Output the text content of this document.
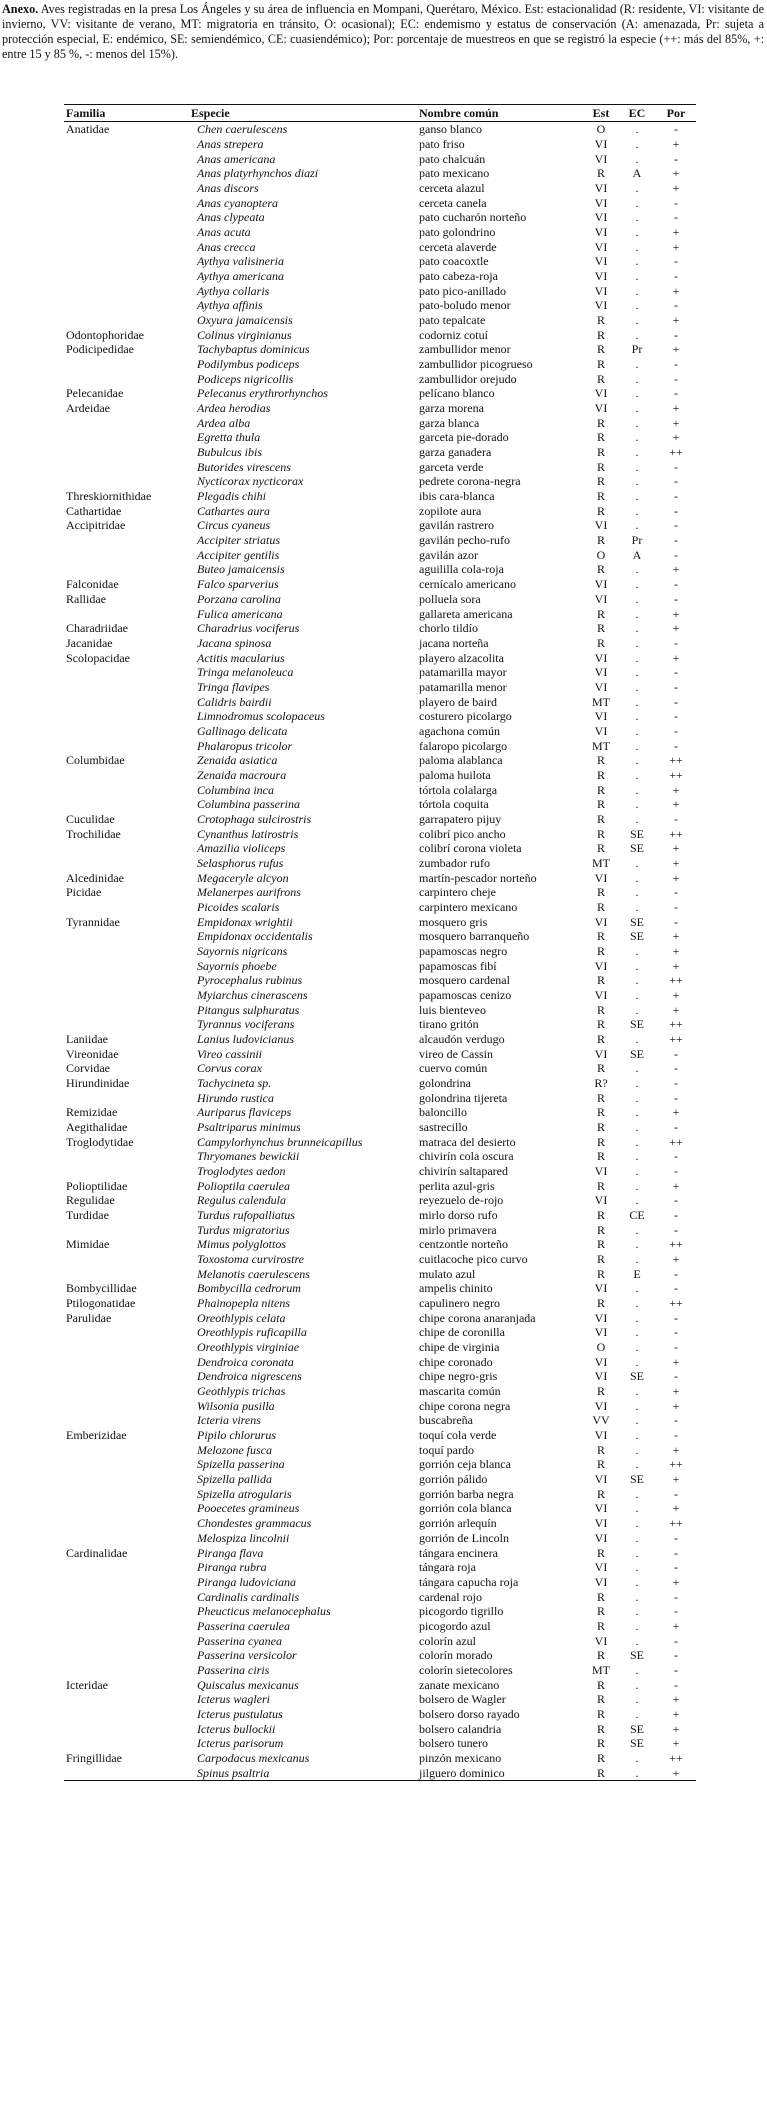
Anexo. Aves registradas en la presa Los Ángeles y su área de influencia en Mompani, Querétaro, México. Est: estacionalidad (R: residente, VI: visitante de invierno, VV: visitante de verano, MT: migratoria en tránsito, O: ocasional); EC: endemismo y estatus de conservación (A: amenazada, Pr: sujeta a protección especial, E: endémico, SE: semiendémico, CE: cuasiendémico); Por: porcentaje de muestreos en que se registró la especie (++: más del 85%, +: entre 15 y 85 %, -: menos del 15%).
Familia	Especie	Nombre común	Est	EC	Por
Anatidae	Chen caerulescens	ganso blanco	O	.	-
	Anas strepera	pato friso	VI	.	+
	Anas americana	pato chalcuán	VI	.	-
	Anas platyrhynchos diazi	pato mexicano	R	A	+
	Anas discors	cerceta alazul	VI	.	+
	Anas cyanoptera	cerceta canela	VI	.	-
	Anas clypeata	pato cucharón norteño	VI	.	-
	Anas acuta	pato golondrino	VI	.	+
	Anas crecca	cerceta alaverde	VI	.	+
	Aythya valisineria	pato coacoxtle	VI	.	-
	Aythya americana	pato cabeza-roja	VI	.	-
	Aythya collaris	pato pico-anillado	VI	.	+
	Aythya affinis	pato-boludo menor	VI	.	-
	Oxyura jamaicensis	pato tepalcate	R	.	+
Odontophoridae	Colinus virginianus	codorniz cotuí	R	.	-
Podicipedidae	Tachybaptus dominicus	zambullidor menor	R	Pr	+
	Podilymbus podiceps	zambullidor picogrueso	R	.	-
	Podiceps nigricollis	zambullidor orejudo	R	.	-
Pelecanidae	Pelecanus erythrorhynchos	pelícano blanco	VI	.	-
Ardeidae	Ardea herodias	garza morena	VI	.	+
	Ardea alba	garza blanca	R	.	+
	Egretta thula	garceta pie-dorado	R	.	+
	Bubulcus ibis	garza ganadera	R	.	++
	Butorides virescens	garceta verde	R	.	-
	Nycticorax nycticorax	pedrete corona-negra	R	.	-
Threskiornithidae	Plegadis chihi	ibis cara-blanca	R	.	-
Cathartidae	Cathartes aura	zopilote aura	R	.	-
Accipitridae	Circus cyaneus	gavilán rastrero	VI	.	-
	Accipiter striatus	gavilán pecho-rufo	R	Pr	-
	Accipiter gentilis	gavilán azor	O	A	-
	Buteo jamaicensis	aguililla cola-roja	R	.	+
Falconidae	Falco sparverius	cernícalo americano	VI	.	-
Rallidae	Porzana carolina	polluela sora	VI	.	-
	Fulica americana	gallareta americana	R	.	+
Charadriidae	Charadrius vociferus	chorlo tildío	R	.	+
Jacanidae	Jacana spinosa	jacana norteña	R	.	-
Scolopacidae	Actitis macularius	playero alzacolita	VI	.	+
	Tringa melanoleuca	patamarilla mayor	VI	.	-
	Tringa flavipes	patamarilla menor	VI	.	-
	Calidris bairdii	playero de baird	MT	.	-
	Limnodromus scolopaceus	costurero picolargo	VI	.	-
	Gallinago delicata	agachona común	VI	.	-
	Phalaropus tricolor	falaropo picolargo	MT	.	-
Columbidae	Zenaida asiatica	paloma alablanca	R	.	++
	Zenaida macroura	paloma huilota	R	.	++
	Columbina inca	tórtola colalarga	R	.	+
	Columbina passerina	tórtola coquita	R	.	+
Cuculidae	Crotophaga sulcirostris	garrapatero pijuy	R	.	-
Trochilidae	Cynanthus latirostris	colibrí pico ancho	R	SE	++
	Amazilia violiceps	colibrí corona violeta	R	SE	+
	Selasphorus rufus	zumbador rufo	MT	.	+
Alcedinidae	Megaceryle alcyon	martín-pescador norteño	VI	.	+
Picidae	Melanerpes aurifrons	carpintero cheje	R	.	-
	Picoides scalaris	carpintero mexicano	R	.	-
Tyrannidae	Empidonax wrightii	mosquero gris	VI	SE	-
	Empidonax occidentalis	mosquero barranqueño	R	SE	+
	Sayornis nigricans	papamoscas negro	R	.	+
	Sayornis phoebe	papamoscas fibí	VI	.	+
	Pyrocephalus rubinus	mosquero cardenal	R	.	++
	Myiarchus cinerascens	papamoscas cenizo	VI	.	+
	Pitangus sulphuratus	luis bienteveo	R	.	+
	Tyrannus vociferans	tirano gritón	R	SE	++
Laniidae	Lanius ludovicianus	alcaudón verdugo	R	.	++
Vireonidae	Vireo cassinii	vireo de Cassin	VI	SE	-
Corvidae	Corvus corax	cuervo común	R	.	-
Hirundinidae	Tachycineta sp.	golondrina	R?	.	-
	Hirundo rustica	golondrina tijereta	R	.	-
Remizidae	Auriparus flaviceps	baloncillo	R	.	+
Aegithalidae	Psaltriparus minimus	sastrecillo	R	.	-
Troglodytidae	Campylorhynchus brunneicapillus	matraca del desierto	R	.	++
	Thryomanes bewickii	chivirín cola oscura	R	.	-
	Troglodytes aedon	chivirín saltapared	VI	.	-
Polioptilidae	Polioptila caerulea	perlita azul-gris	R	.	+
Regulidae	Regulus calendula	reyezuelo de-rojo	VI	.	-
Turdidae	Turdus rufopalliatus	mirlo dorso rufo	R	CE	-
	Turdus migratorius	mirlo primavera	R	.	-
Mimidae	Mimus polyglottos	centzontle norteño	R	.	++
	Toxostoma curvirostre	cuitlacoche pico curvo	R	.	+
	Melanotis caerulescens	mulato azul	R	E	-
Bombycillidae	Bombycilla cedrorum	ampelis chinito	VI	.	-
Ptilogonatidae	Phainopepla nitens	capulinero negro	R	.	++
Parulidae	Oreothlypis celata	chipe corona anaranjada	VI	.	-
	Oreothlypis ruficapilla	chipe de coronilla	VI	.	-
	Oreothlypis virginiae	chipe de virginia	O	.	-
	Dendroica coronata	chipe coronado	VI	.	+
	Dendroica nigrescens	chipe negro-gris	VI	SE	-
	Geothlypis trichas	mascarita común	R	.	+
	Wilsonia pusilla	chipe corona negra	VI	.	+
	Icteria virens	buscabreña	VV	.	-
Emberizidae	Pipilo chlorurus	toquí cola verde	VI	.	-
	Melozone fusca	toquí pardo	R	.	+
	Spizella passerina	gorrión ceja blanca	R	.	++
	Spizella pallida	gorrión pálido	VI	SE	+
	Spizella atrogularis	gorrión barba negra	R	.	-
	Pooecetes gramineus	gorrión cola blanca	VI	.	+
	Chondestes grammacus	gorrión arlequín	VI	.	++
	Melospiza lincolnii	gorrión de Lincoln	VI	.	-
Cardinalidae	Piranga flava	tángara encinera	R	.	-
	Piranga rubra	tángara roja	VI	.	-
	Piranga ludoviciana	tángara capucha roja	VI	.	+
	Cardinalis cardinalis	cardenal rojo	R	.	-
	Pheucticus melanocephalus	picogordo tigrillo	R	.	-
	Passerina caerulea	picogordo azul	R	.	+
	Passerina cyanea	colorín azul	VI	.	-
	Passerina versicolor	colorín morado	R	SE	-
	Passerina ciris	colorín sietecolores	MT	.	-
Icteridae	Quiscalus mexicanus	zanate mexicano	R	.	-
	Icterus wagleri	bolsero de Wagler	R	.	+
	Icterus pustulatus	bolsero dorso rayado	R	.	+
	Icterus bullockii	bolsero calandria	R	SE	+
	Icterus parisorum	bolsero tunero	R	SE	+
Fringillidae	Carpodacus mexicanus	pinzón mexicano	R	.	++
	Spinus psaltria	jilguero dominico	R	.	+
